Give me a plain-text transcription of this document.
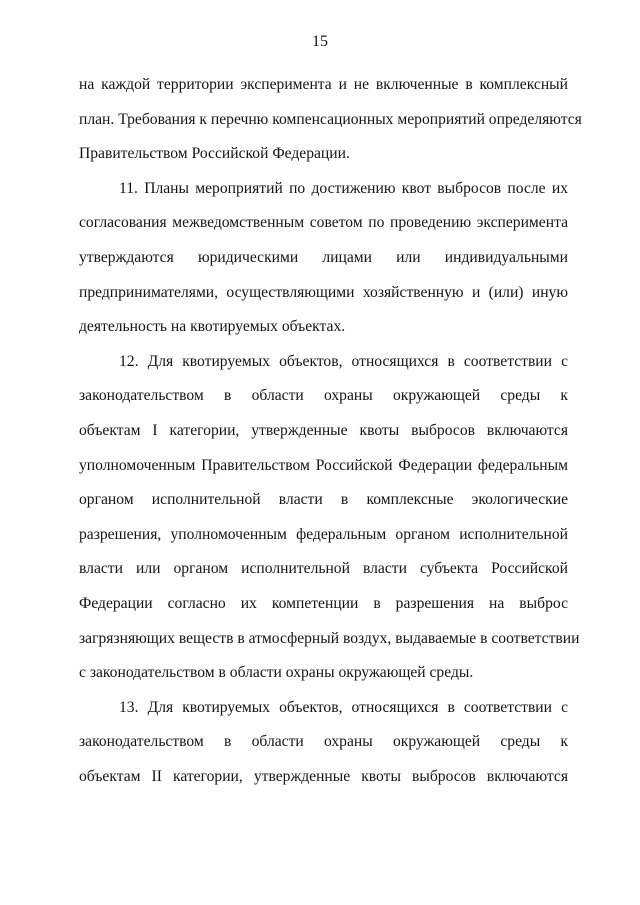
15
на каждой территории эксперимента и не включенные в комплексный
план. Требования к перечню компенсационных мероприятий определяются
Правительством Российской Федерации.
11. Планы мероприятий по достижению квот выбросов после их
согласования межведомственным советом по проведению эксперимента
утверждаются юридическими лицами или индивидуальными
предпринимателями, осуществляющими хозяйственную и (или) иную
деятельность на квотируемых объектах.
12. Для квотируемых объектов, относящихся в соответствии с
законодательством в области охраны окружающей среды к
объектам I категории, утвержденные квоты выбросов включаются
уполномоченным Правительством Российской Федерации федеральным
органом исполнительной власти в комплексные экологические
разрешения, уполномоченным федеральным органом исполнительной
власти или органом исполнительной власти субъекта Российской
Федерации согласно их компетенции в разрешения на выброс
загрязняющих веществ в атмосферный воздух, выдаваемые в соответствии
с законодательством в области охраны окружающей среды.
13. Для квотируемых объектов, относящихся в соответствии с
законодательством в области охраны окружающей среды к
объектам II категории, утвержденные квоты выбросов включаются
